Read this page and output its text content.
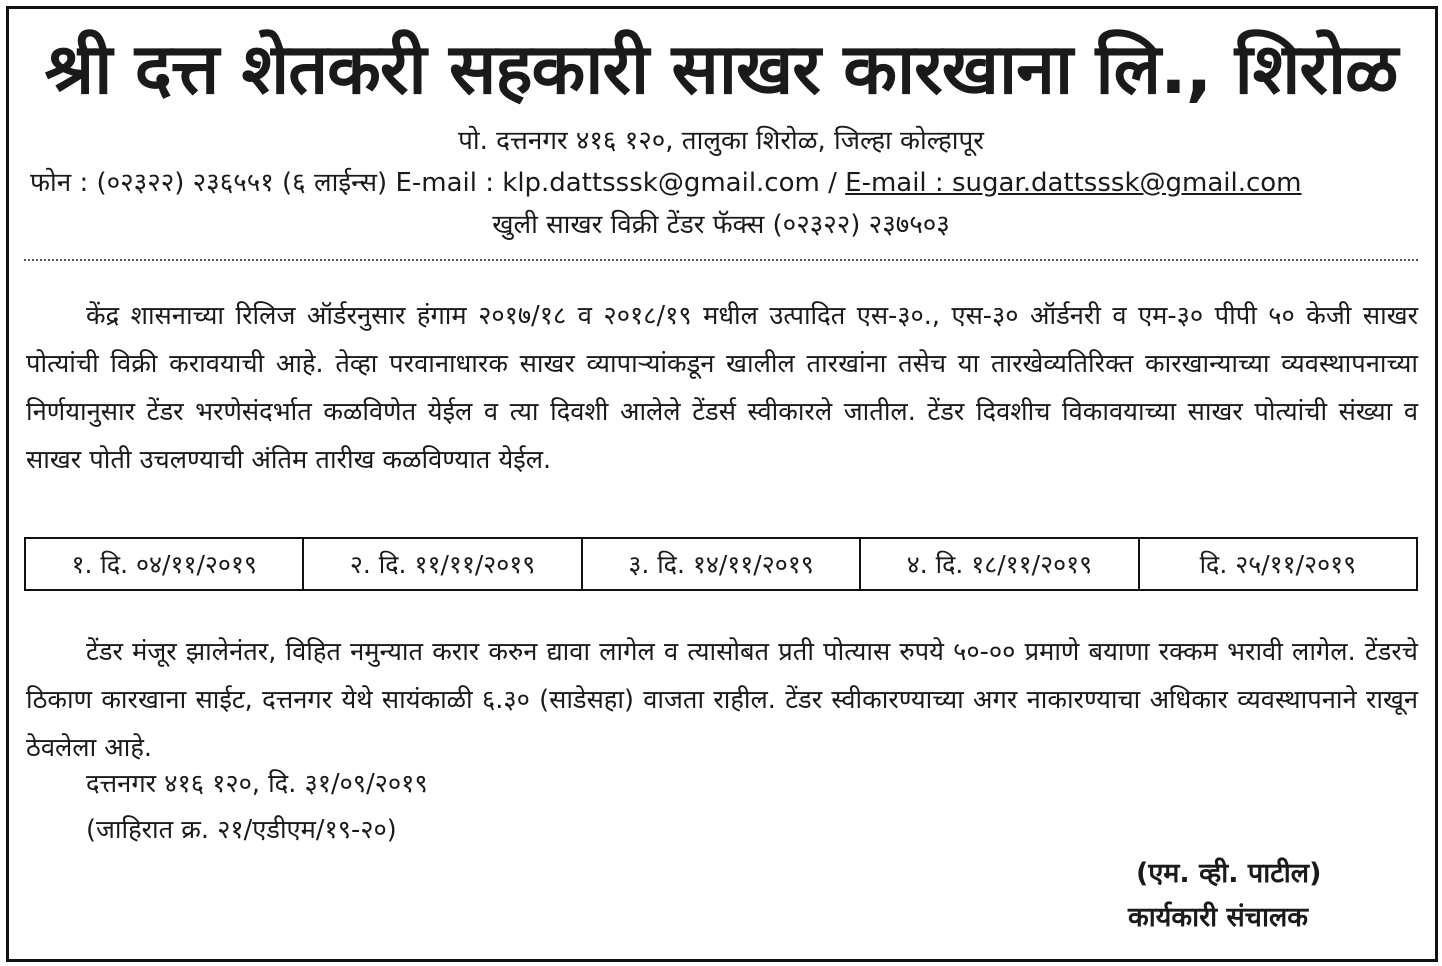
श्री दत्त शेतकरी सहकारी साखर कारखाना लि., शिरोळ
पो. दत्तनगर ४१६ १२०, तालुका शिरोळ, जिल्हा कोल्हापूर
फोन : (०२३२२) २३६५५१ (६ लाईन्स) E-mail : klp.dattsssk@gmail.com / E-mail : sugar.dattsssk@gmail.com
खुली साखर विक्री टेंडर फॅक्स (०२३२२) २३७५०३

केंद्र शासनाच्या रिलिज ऑर्डरनुसार हंगाम २०१७/१८ व २०१८/१९ मधील उत्पादित एस-३०., एस-३० ऑर्डनरी व एम-३० पीपी ५० केजी साखर पोत्यांची विक्री करावयाची आहे. तेव्हा परवानाधारक साखर व्यापाऱ्यांकडून खालील तारखांना तसेच या तारखेव्यतिरिक्त कारखान्याच्या व्यवस्थापनाच्या निर्णयानुसार टेंडर भरणेसंदर्भात कळविणेत येईल व त्या दिवशी आलेले टेंडर्स स्वीकारले जातील. टेंडर दिवशीच विकावयाच्या साखर पोत्यांची संख्या व साखर पोती उचलण्याची अंतिम तारीख कळविण्यात येईल.

१. दि. ०४/११/२०१९	२. दि. ११/११/२०१९	३. दि. १४/११/२०१९	४. दि. १८/११/२०१९	दि. २५/११/२०१९

टेंडर मंजूर झालेनंतर, विहित नमुन्यात करार करुन द्यावा लागेल व त्यासोबत प्रती पोत्यास रुपये ५०-०० प्रमाणे बयाणा रक्कम भरावी लागेल. टेंडरचे ठिकाण कारखाना साईट, दत्तनगर येथे सायंकाळी ६.३० (साडेसहा) वाजता राहील. टेंडर स्वीकारण्याच्या अगर नाकारण्याचा अधिकार व्यवस्थापनाने राखून ठेवलेला आहे.

दत्तनगर ४१६ १२०, दि. ३१/०९/२०१९
(जाहिरात क्र. २१/एडीएम/१९-२०)
(एम. व्ही. पाटील)
कार्यकारी संचालक
